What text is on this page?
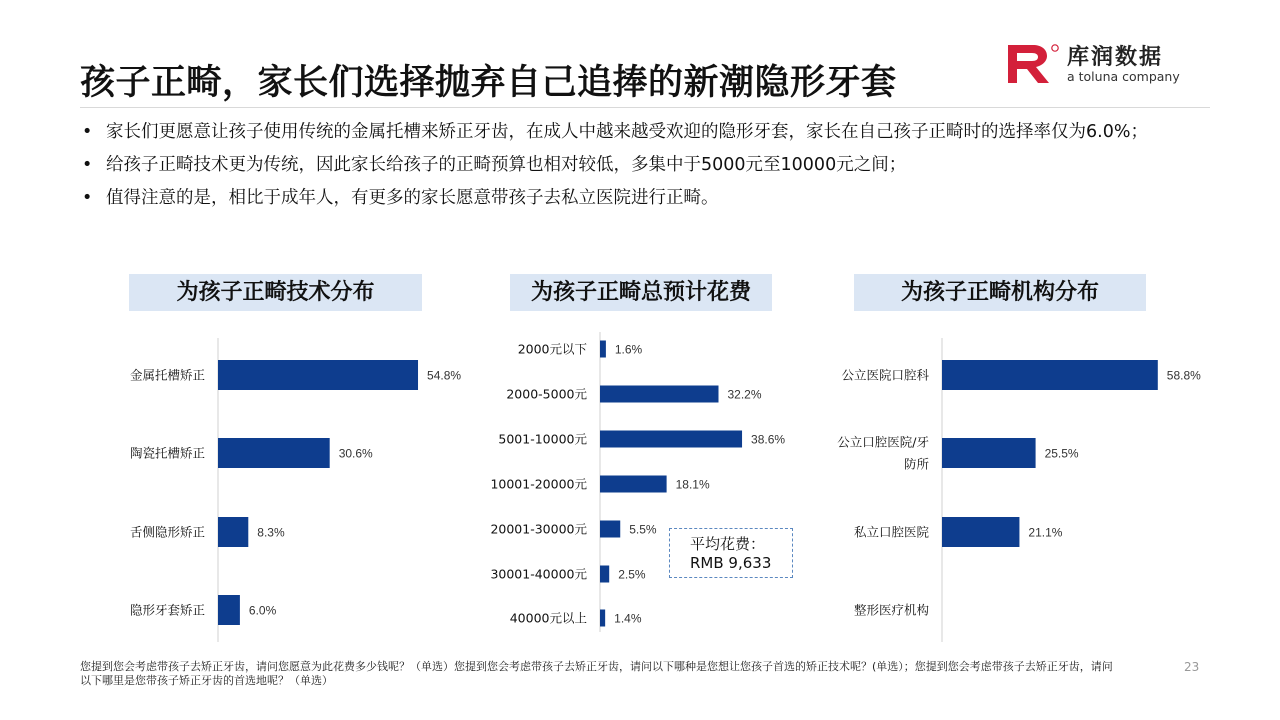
孩子正畸，家长们选择抛弃自己追捧的新潮隐形牙套
库润数据
a toluna company
• 家长们更愿意让孩子使用传统的金属托槽来矫正牙齿，在成人中越来越受欢迎的隐形牙套，家长在自己孩子正畸时的选择率仅为6.0%；
• 给孩子正畸技术更为传统，因此家长给孩子的正畸预算也相对较低，多集中于5000元至10000元之间；
• 值得注意的是，相比于成年人，有更多的家长愿意带孩子去私立医院进行正畸。
为孩子正畸技术分布	为孩子正畸总预计花费	为孩子正畸机构分布
54.8%
金属托槽矫正
30.6%
陶瓷托槽矫正
8.3%
舌侧隐形矫正
6.0%
隐形牙套矫正
1.6%
2000元以下
32.2%
2000-5000元
38.6%
5001-10000元
18.1%
10001-20000元
5.5%
20001-30000元
2.5%
30001-40000元
1.4%
40000元以上
58.8%
公立医院口腔科
25.5%
公立口腔医院/牙
防所
21.1%
私立口腔医院
整形医疗机构
平均花费：
RMB 9,633
您提到您会考虑带孩子去矫正牙齿，请问您愿意为此花费多少钱呢？（单选）您提到您会考虑带孩子去矫正牙齿，请问以下哪种是您想让您孩子首选的矫正技术呢？(单选）；您提到您会考虑带孩子去矫正牙齿，请问以下哪里是您带孩子矫正牙齿的首选地呢？（单选）
23
